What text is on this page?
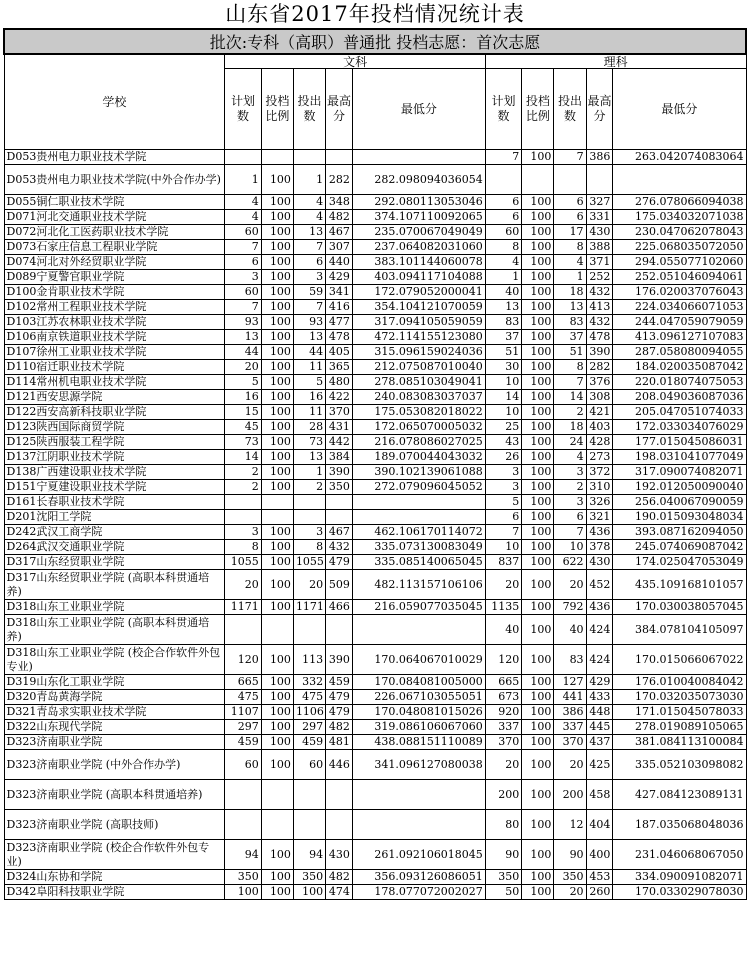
山东省2017年投档情况统计表
批次:专科（高职）普通批 投档志愿：首次志愿										
学校	文科					理科				
	计划数	投档比例	投出数	最高分	最低分	计划数	投档比例	投出数	最高分	最低分
D053贵州电力职业技术学院						7	100	7	386	263.042074083064
D053贵州电力职业技术学院(中外合作办学)	1	100	1	282	282.098094036054					
D055铜仁职业技术学院	4	100	4	348	292.080113053046	6	100	6	327	276.078066094038
D071河北交通职业技术学院	4	100	4	482	374.107110092065	6	100	6	331	175.034032071038
D072河北化工医药职业技术学院	60	100	13	467	235.070067049049	60	100	17	430	230.047062078043
D073石家庄信息工程职业学院	7	100	7	307	237.064082031060	8	100	8	388	225.068035072050
D074河北对外经贸职业学院	6	100	6	440	383.101144060078	4	100	4	371	294.055077102060
D089宁夏警官职业学院	3	100	3	429	403.094117104088	1	100	1	252	252.051046094061
D100金肯职业技术学院	60	100	59	341	172.079052000041	40	100	18	432	176.020037076043
D102常州工程职业技术学院	7	100	7	416	354.104121070059	13	100	13	413	224.034066071053
D103江苏农林职业技术学院	93	100	93	477	317.094105059059	83	100	83	432	244.047059079059
D106南京铁道职业技术学院	13	100	13	478	472.114155123080	37	100	37	478	413.096127107083
D107徐州工业职业技术学院	44	100	44	405	315.096159024036	51	100	51	390	287.058080094055
D110宿迁职业技术学院	20	100	11	365	212.075087010040	30	100	8	282	184.020035087042
D114常州机电职业技术学院	5	100	5	480	278.085103049041	10	100	7	376	220.018074075053
D121西安思源学院	16	100	16	422	240.083083037037	14	100	14	308	208.049036087036
D122西安高新科技职业学院	15	100	11	370	175.053082018022	10	100	2	421	205.047051074033
D123陕西国际商贸学院	45	100	28	431	172.065070005032	25	100	18	403	172.033034076029
D125陕西服装工程学院	73	100	73	442	216.078086027025	43	100	24	428	177.015045086031
D137江阴职业技术学院	14	100	13	384	189.070044043032	26	100	4	273	198.031041077049
D138广西建设职业技术学院	2	100	1	390	390.102139061088	3	100	3	372	317.090074082071
D151宁夏建设职业技术学院	2	100	2	350	272.079096045052	3	100	2	310	192.012050090040
D161长春职业技术学院						5	100	3	326	256.040067090059
D201沈阳工学院						6	100	6	321	190.015093048034
D242武汉工商学院	3	100	3	467	462.106170114072	7	100	7	436	393.087162094050
D264武汉交通职业学院	8	100	8	432	335.073130083049	10	100	10	378	245.074069087042
D317山东经贸职业学院	1055	100	1055	479	335.085140065045	837	100	622	430	174.025047053049
D317山东经贸职业学院 (高职本科贯通培养)	20	100	20	509	482.113157106106	20	100	20	452	435.109168101057
D318山东工业职业学院	1171	100	1171	466	216.059077035045	1135	100	792	436	170.030038057045
D318山东工业职业学院 (高职本科贯通培养)						40	100	40	424	384.078104105097
D318山东工业职业学院 (校企合作软件外包专业)	120	100	113	390	170.064067010029	120	100	83	424	170.015066067022
D319山东化工职业学院	665	100	332	459	170.084081005000	665	100	127	429	176.010040084042
D320青岛黄海学院	475	100	475	479	226.067103055051	673	100	441	433	170.032035073030
D321青岛求实职业技术学院	1107	100	1106	479	170.048081015026	920	100	386	448	171.015045078033
D322山东现代学院	297	100	297	482	319.086106067060	337	100	337	445	278.019089105065
D323济南职业学院	459	100	459	481	438.088151110089	370	100	370	437	381.084113100084
D323济南职业学院 (中外合作办学)	60	100	60	446	341.096127080038	20	100	20	425	335.052103098082
D323济南职业学院 (高职本科贯通培养)						200	100	200	458	427.084123089131
D323济南职业学院 (高职技师)						80	100	12	404	187.035068048036
D323济南职业学院 (校企合作软件外包专业)	94	100	94	430	261.092106018045	90	100	90	400	231.046068067050
D324山东协和学院	350	100	350	482	356.093126086051	350	100	350	453	334.090091082071
D342阜阳科技职业学院	100	100	100	474	178.077072002027	50	100	20	260	170.033029078030
